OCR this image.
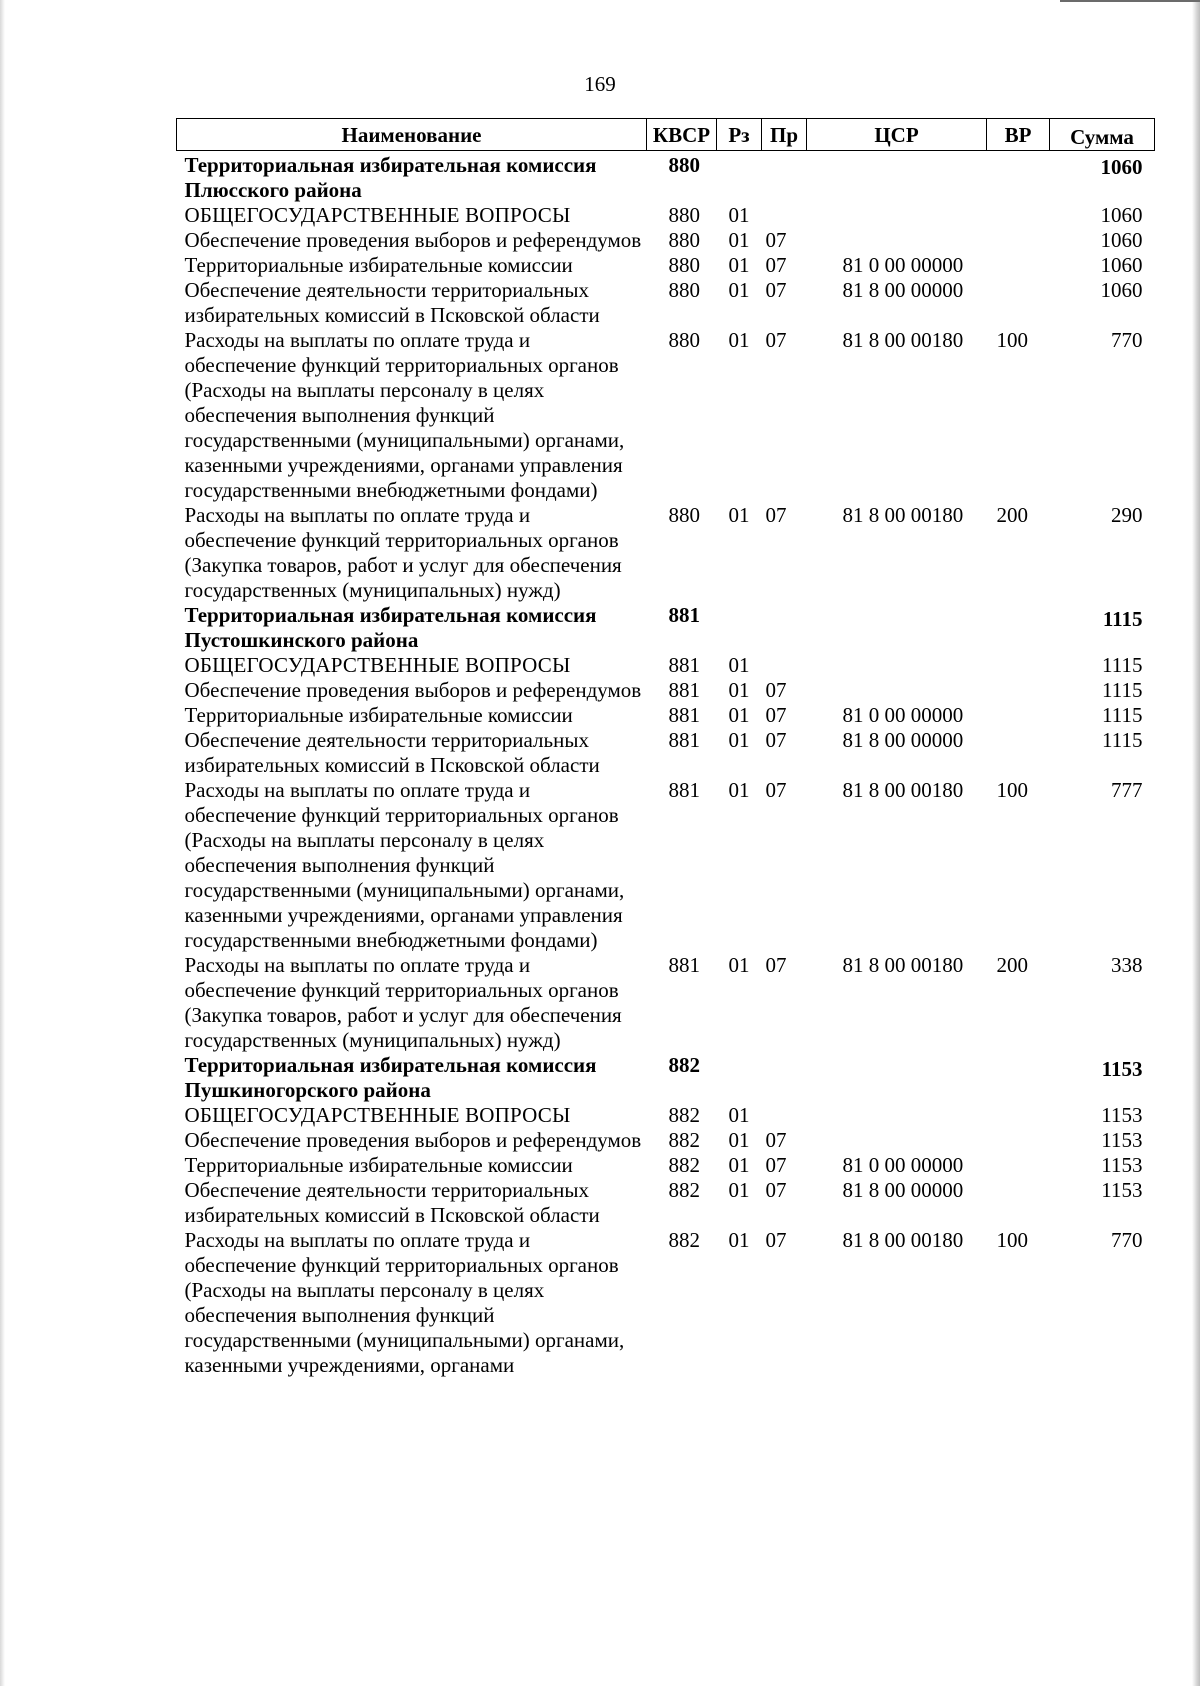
169
Наименование	КВСР	Рз	Пр	ЦСР	ВР	Сумма
Территориальная избирательная комиссия Плюсского района	880					1060
ОБЩЕГОСУДАРСТВЕННЫЕ ВОПРОСЫ	880	01				1060
Обеспечение проведения выборов и референдумов	880	01	07			1060
Территориальные избирательные комиссии	880	01	07	81 0 00 00000		1060
Обеспечение деятельности территориальных избирательных комиссий в Псковской области	880	01	07	81 8 00 00000		1060
Расходы на выплаты по оплате труда и обеспечение функций территориальных органов (Расходы на выплаты персоналу в целях обеспечения выполнения функций государственными (муниципальными) органами, казенными учреждениями, органами управления государственными внебюджетными фондами)	880	01	07	81 8 00 00180	100	770
Расходы на выплаты по оплате труда и обеспечение функций территориальных органов (Закупка товаров, работ и услуг для обеспечения государственных (муниципальных) нужд)	880	01	07	81 8 00 00180	200	290
Территориальная избирательная комиссия Пустошкинского района	881					1115
ОБЩЕГОСУДАРСТВЕННЫЕ ВОПРОСЫ	881	01				1115
Обеспечение проведения выборов и референдумов	881	01	07			1115
Территориальные избирательные комиссии	881	01	07	81 0 00 00000		1115
Обеспечение деятельности территориальных избирательных комиссий в Псковской области	881	01	07	81 8 00 00000		1115
Расходы на выплаты по оплате труда и обеспечение функций территориальных органов (Расходы на выплаты персоналу в целях обеспечения выполнения функций государственными (муниципальными) органами, казенными учреждениями, органами управления государственными внебюджетными фондами)	881	01	07	81 8 00 00180	100	777
Расходы на выплаты по оплате труда и обеспечение функций территориальных органов (Закупка товаров, работ и услуг для обеспечения государственных (муниципальных) нужд)	881	01	07	81 8 00 00180	200	338
Территориальная избирательная комиссия Пушкиногорского района	882					1153
ОБЩЕГОСУДАРСТВЕННЫЕ ВОПРОСЫ	882	01				1153
Обеспечение проведения выборов и референдумов	882	01	07			1153
Территориальные избирательные комиссии	882	01	07	81 0 00 00000		1153
Обеспечение деятельности территориальных избирательных комиссий в Псковской области	882	01	07	81 8 00 00000		1153
Расходы на выплаты по оплате труда и обеспечение функций территориальных органов (Расходы на выплаты персоналу в целях обеспечения выполнения функций государственными (муниципальными) органами, казенными учреждениями, органами	882	01	07	81 8 00 00180	100	770
